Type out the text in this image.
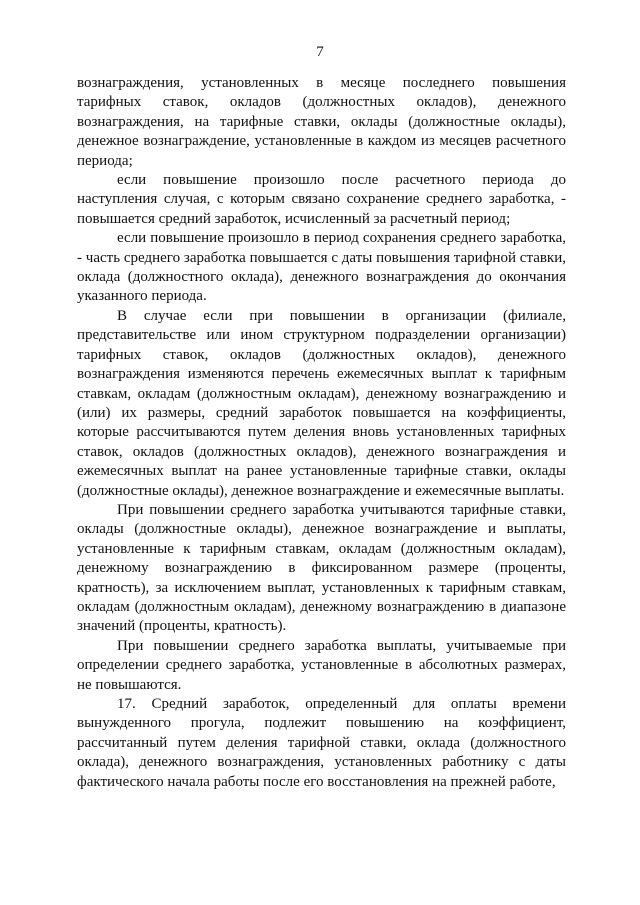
7

вознаграждения, установленных в месяце последнего повышения тарифных ставок, окладов (должностных окладов), денежного вознаграждения, на тарифные ставки, оклады (должностные оклады), денежное вознаграждение, установленные в каждом из месяцев расчетного периода;

если повышение произошло после расчетного периода до наступления случая, с которым связано сохранение среднего заработка, - повышается средний заработок, исчисленный за расчетный период;

если повышение произошло в период сохранения среднего заработка, - часть среднего заработка повышается с даты повышения тарифной ставки, оклада (должностного оклада), денежного вознаграждения до окончания указанного периода.

В случае если при повышении в организации (филиале, представительстве или ином структурном подразделении организации) тарифных ставок, окладов (должностных окладов), денежного вознаграждения изменяются перечень ежемесячных выплат к тарифным ставкам, окладам (должностным окладам), денежному вознаграждению и (или) их размеры, средний заработок повышается на коэффициенты, которые рассчитываются путем деления вновь установленных тарифных ставок, окладов (должностных окладов), денежного вознаграждения и ежемесячных выплат на ранее установленные тарифные ставки, оклады (должностные оклады), денежное вознаграждение и ежемесячные выплаты.

При повышении среднего заработка учитываются тарифные ставки, оклады (должностные оклады), денежное вознаграждение и выплаты, установленные к тарифным ставкам, окладам (должностным окладам), денежному вознаграждению в фиксированном размере (проценты, кратность), за исключением выплат, установленных к тарифным ставкам, окладам (должностным окладам), денежному вознаграждению в диапазоне значений (проценты, кратность).

При повышении среднего заработка выплаты, учитываемые при определении среднего заработка, установленные в абсолютных размерах, не повышаются.

17. Средний заработок, определенный для оплаты времени вынужденного прогула, подлежит повышению на коэффициент, рассчитанный путем деления тарифной ставки, оклада (должностного оклада), денежного вознаграждения, установленных работнику с даты фактического начала работы после его восстановления на прежней работе,
